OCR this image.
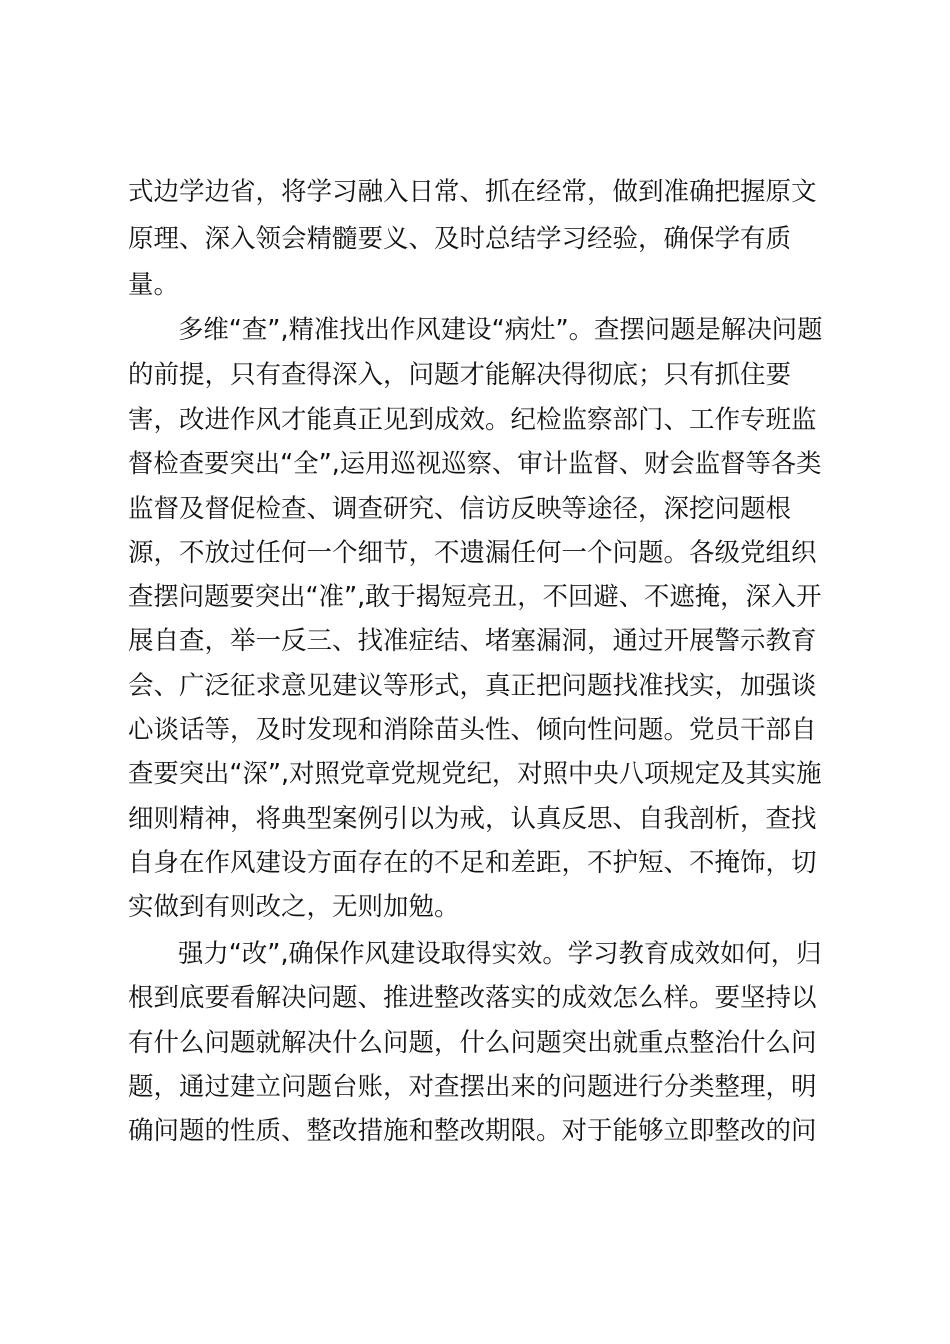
式边学边省，将学习融入日常、抓在经常，做到准确把握原文
原理、深入领会精髓要义、及时总结学习经验，确保学有质
量。
多维“查”,精准找出作风建设“病灶”。查摆问题是解决问题
的前提，只有查得深入，问题才能解决得彻底；只有抓住要
害，改进作风才能真正见到成效。纪检监察部门、工作专班监
督检查要突出“全”,运用巡视巡察、审计监督、财会监督等各类
监督及督促检查、调查研究、信访反映等途径，深挖问题根
源，不放过任何一个细节，不遗漏任何一个问题。各级党组织
查摆问题要突出“准”,敢于揭短亮丑，不回避、不遮掩，深入开
展自查，举一反三、找准症结、堵塞漏洞，通过开展警示教育
会、广泛征求意见建议等形式，真正把问题找准找实，加强谈
心谈话等，及时发现和消除苗头性、倾向性问题。党员干部自
查要突出“深”,对照党章党规党纪，对照中央八项规定及其实施
细则精神，将典型案例引以为戒，认真反思、自我剖析，查找
自身在作风建设方面存在的不足和差距，不护短、不掩饰，切
实做到有则改之，无则加勉。
强力“改”,确保作风建设取得实效。学习教育成效如何，归
根到底要看解决问题、推进整改落实的成效怎么样。要坚持以
有什么问题就解决什么问题，什么问题突出就重点整治什么问
题，通过建立问题台账，对查摆出来的问题进行分类整理，明
确问题的性质、整改措施和整改期限。对于能够立即整改的问
